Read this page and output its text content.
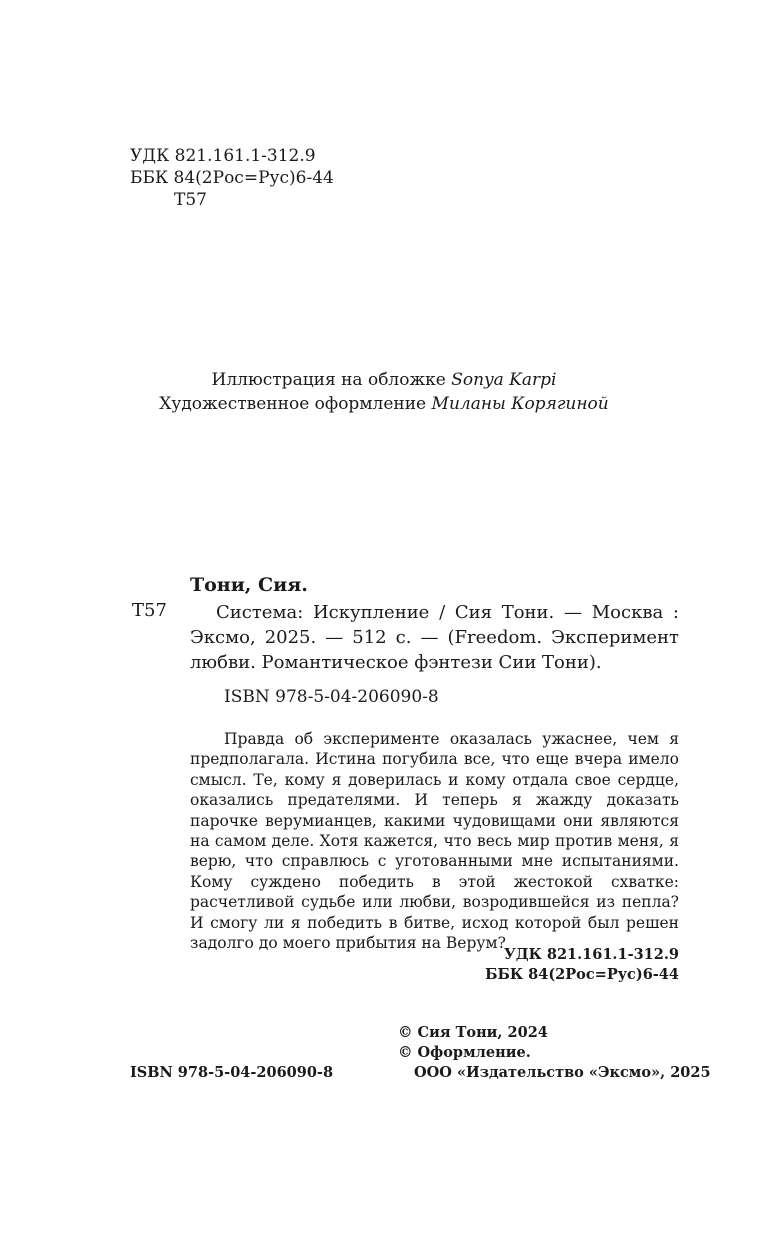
УДК 821.161.1-312.9
ББК 84(2Рос=Рус)6-44
Т57
Иллюстрация на обложке Sonya Karpi
Художественное оформление Миланы Корягиной
Тони, Сия.
Т57	Система: Искупление / Сия Тони. — Москва : Эксмо, 2025. — 512 с. — (Freedom. Эксперимент любви. Романтическое фэнтези Сии Тони).
ISBN 978-5-04-206090-8
Правда об эксперименте оказалась ужаснее, чем я предполагала. Истина погубила все, что еще вчера имело смысл. Те, кому я доверилась и кому отдала свое сердце, оказались предателями. И теперь я жажду доказать парочке верумианцев, какими чудовищами они являются на самом деле. Хотя кажется, что весь мир против меня, я верю, что справлюсь с уготованными мне испытаниями. Кому суждено победить в этой жестокой схватке: расчетливой судьбе или любви, возродившейся из пепла? И смогу ли я победить в битве, исход которой был решен задолго до моего прибытия на Верум?
УДК 821.161.1-312.9
ББК 84(2Рос=Рус)6-44
© Сия Тони, 2024
© Оформление.
ООО «Издательство «Эксмо», 2025
ISBN 978-5-04-206090-8
